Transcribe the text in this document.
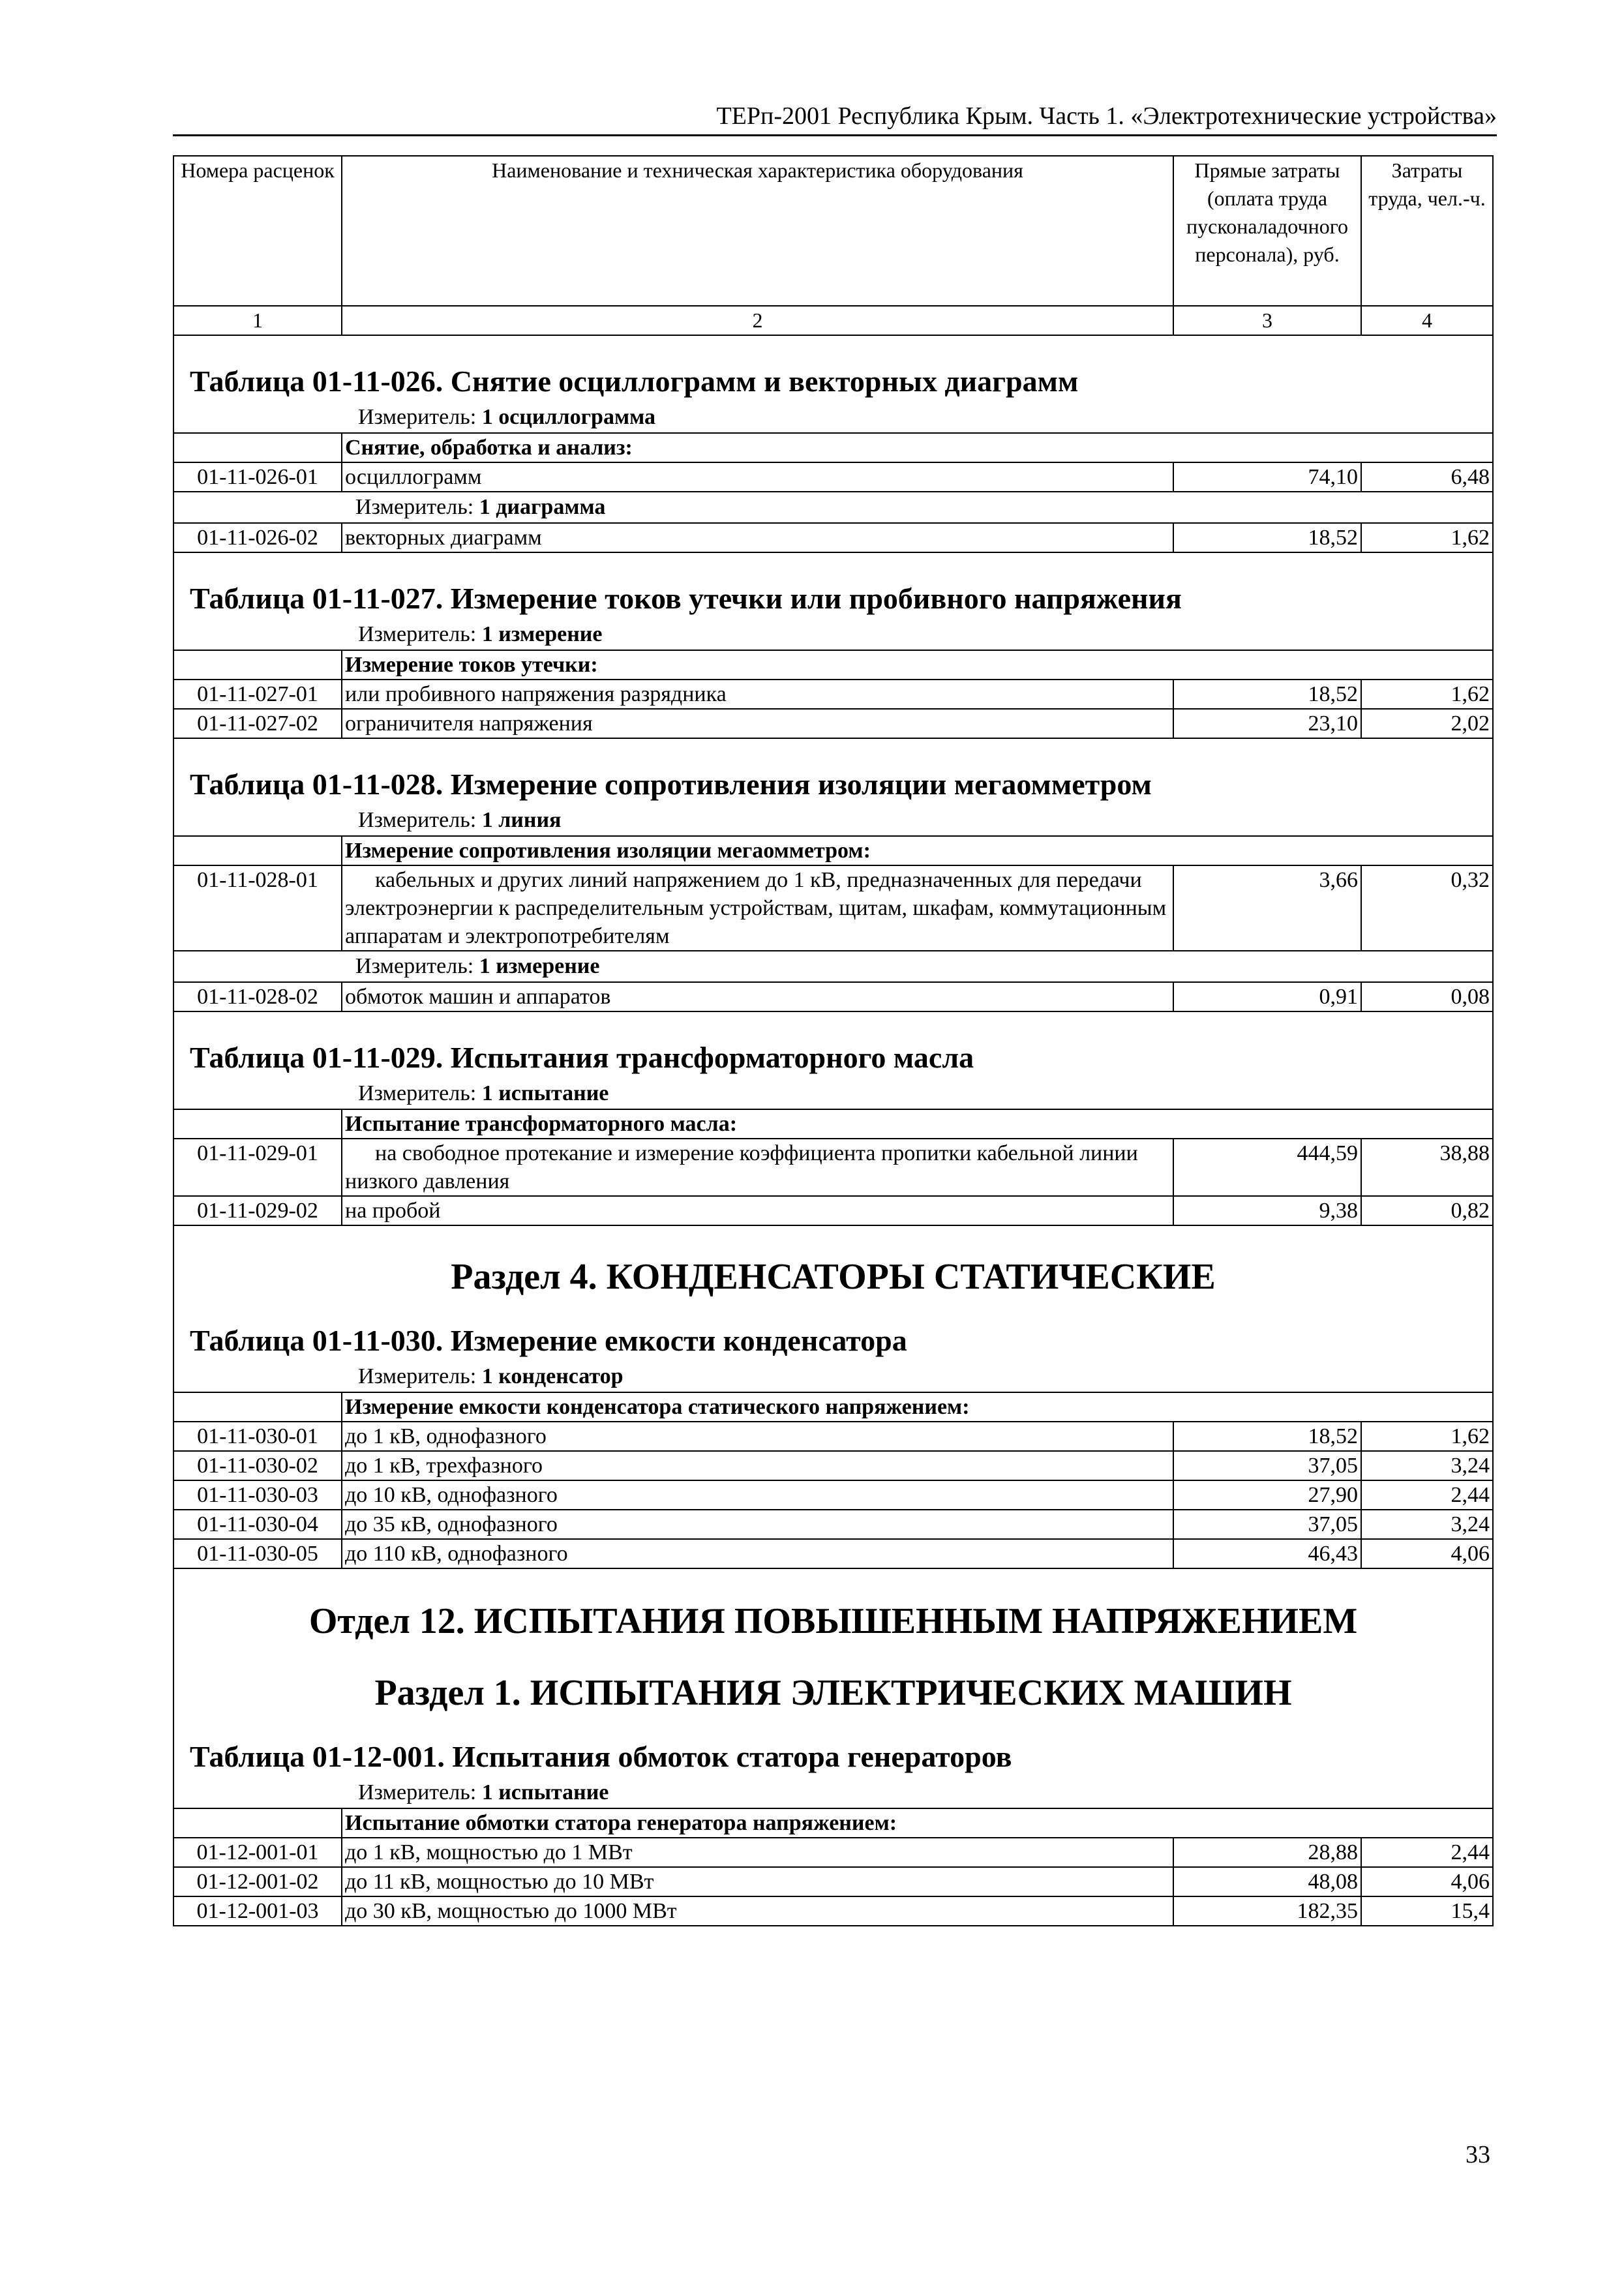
ТЕРп-2001 Республика Крым. Часть 1. «Электротехнические устройства»
Номера расценок	Наименование и техническая характеристика оборудования	Прямые затраты (оплата труда пусконаладочного персонала), руб.	Затраты труда, чел.-ч.
1	2	3	4

Таблица 01-11-026. Снятие осциллограмм и векторных диаграмм
Измеритель: 1 осциллограмма			

	Снятие, обработка и анализ:		
01-11-026-01	осциллограмм	74,10	6,48

Измеритель: 1 диаграмма			

01-11-026-02	векторных диаграмм	18,52	1,62

Таблица 01-11-027. Измерение токов утечки или пробивного напряжения
Измеритель: 1 измерение			

	Измерение токов утечки:		
01-11-027-01	или пробивного напряжения разрядника	18,52	1,62
01-11-027-02	ограничителя напряжения	23,10	2,02

Таблица 01-11-028. Измерение сопротивления изоляции мегаомметром
Измеритель: 1 линия			

	Измерение сопротивления изоляции мегаомметром:		
01-11-028-01	кабельных и других линий напряжением до 1 кВ, предназначенных для передачи электроэнергии к распределительным устройствам, щитам, шкафам, коммутационным аппаратам и электропотребителям	3,66	0,32

Измеритель: 1 измерение			

01-11-028-02	обмоток машин и аппаратов	0,91	0,08

Таблица 01-11-029. Испытания трансформаторного масла
Измеритель: 1 испытание			

	Испытание трансформаторного масла:		
01-11-029-01	на свободное протекание и измерение коэффициента пропитки кабельной линии низкого давления	444,59	38,88
01-11-029-02	на пробой	9,38	0,82

Раздел 4. КОНДЕНСАТОРЫ СТАТИЧЕСКИЕ
Таблица 01-11-030. Измерение емкости конденсатора
Измеритель: 1 конденсатор			

	Измерение емкости конденсатора статического напряжением:		
01-11-030-01	до 1 кВ, однофазного	18,52	1,62
01-11-030-02	до 1 кВ, трехфазного	37,05	3,24
01-11-030-03	до 10 кВ, однофазного	27,90	2,44
01-11-030-04	до 35 кВ, однофазного	37,05	3,24
01-11-030-05	до 110 кВ, однофазного	46,43	4,06

Отдел 12. ИСПЫТАНИЯ ПОВЫШЕННЫМ НАПРЯЖЕНИЕМ
Раздел 1. ИСПЫТАНИЯ ЭЛЕКТРИЧЕСКИХ МАШИН
Таблица 01-12-001. Испытания обмоток статора генераторов
Измеритель: 1 испытание			

	Испытание обмотки статора генератора напряжением:		
01-12-001-01	до 1 кВ, мощностью до 1 МВт	28,88	2,44
01-12-001-02	до 11 кВ, мощностью до 10 МВт	48,08	4,06
01-12-001-03	до 30 кВ, мощностью до 1000 МВт	182,35	15,4
33
